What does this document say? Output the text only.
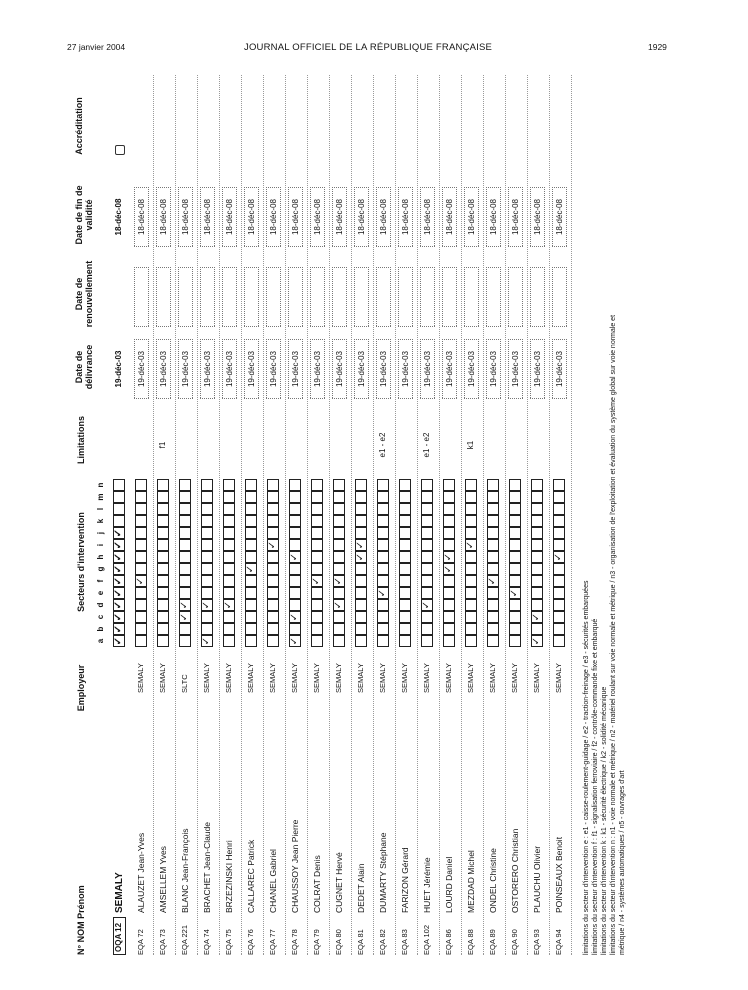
27 janvier 2004	JOURNAL OFFICIEL DE LA RÉPUBLIQUE FRANÇAISE	1929
N° NOM Prénom
Employeur
Secteurs d'intervention
Limitations
Date de délivrance
Date de renouvellement
Date de fin de validité
Accréditation
a
b
c
d
e
f
g
h
i
j
k
l
m
n
OQA 12
SEMALY
✓
✓
✓
✓
✓
✓
✓
✓
✓
✓
19-déc-03
18-déc-08
EQA 72
ALAUZET Jean-Yves
SEMALY
✓
19-déc-03
18-déc-08
EQA 73
AMSELLEM Yves
SEMALY
f1
19-déc-03
18-déc-08
EQA 221
BLANC Jean-François
SLTC
✓
✓
19-déc-03
18-déc-08
EQA 74
BRACHET Jean-Claude
SEMALY
✓
✓
19-déc-03
18-déc-08
EQA 75
BRZEZINSKI Henri
SEMALY
✓
19-déc-03
18-déc-08
EQA 76
CALLAREC Patrick
SEMALY
✓
19-déc-03
18-déc-08
EQA 77
CHANEL Gabriel
SEMALY
✓
19-déc-03
18-déc-08
EQA 78
CHAUSSOY Jean Pierre
SEMALY
✓
✓
✓
19-déc-03
18-déc-08
EQA 79
COLRAT Denis
SEMALY
✓
19-déc-03
18-déc-08
EQA 80
CUGNET Hervé
SEMALY
✓
✓
19-déc-03
18-déc-08
EQA 81
DEDET Alain
SEMALY
✓
✓
19-déc-03
18-déc-08
EQA 82
DUMARTY Stéphane
SEMALY
✓
e1 - e2
19-déc-03
18-déc-08
EQA 83
FARIZON Gérard
SEMALY
19-déc-03
18-déc-08
EQA 102
HUET Jérémie
SEMALY
✓
e1 - e2
19-déc-03
18-déc-08
EQA 86
LOURD Daniel
SEMALY
✓
✓
19-déc-03
18-déc-08
EQA 88
MEZDAD Michel
SEMALY
✓
k1
19-déc-03
18-déc-08
EQA 89
ONDEL Christine
SEMALY
✓
19-déc-03
18-déc-08
EQA 90
OSTORERO Christian
SEMALY
✓
19-déc-03
18-déc-08
EQA 93
PLAUCHU Olivier
SEMALY
✓
✓
19-déc-03
18-déc-08
EQA 94
POINSEAUX Benoit
SEMALY
✓
19-déc-03
18-déc-08
limitations du secteur d'intervention e : e1 - caisse-roulement-guidage / e2 - traction-freinage / e3 - sécurités embarquées limitations du secteur d'intervention f : f1 - signalisation ferroviaire / f2 - contrôle-commande fixe et embarqué limitations du secteur d'intervention k : k1 - sécurité électrique / k2 - solidité mécanique limitations du secteur d'intervention n : n1 - voie normale et métrique / n2 - matériel roulant sur voie normale et métrique / n3 - organisation de l'exploitation et évaluation du système global sur voie normale et métrique / n4 - systèmes automatiques / n5 - ouvrages d'art
